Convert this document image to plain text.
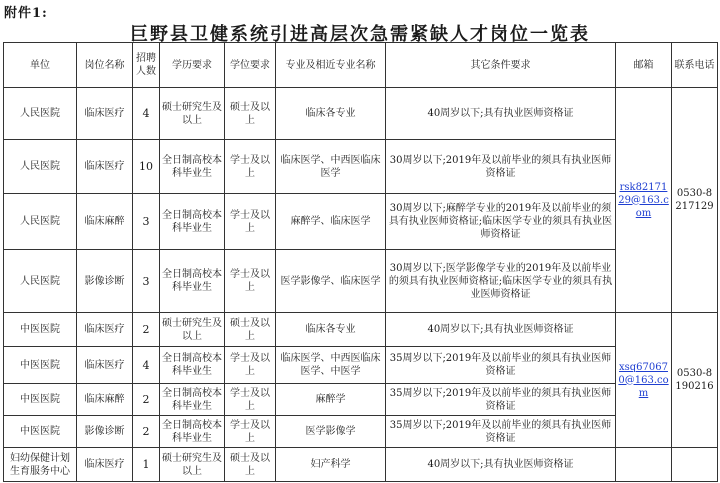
附件1:
巨野县卫健系统引进高层次急需紧缺人才岗位一览表
单位	岗位名称	招聘人数	学历要求	学位要求	专业及相近专业名称	其它条件要求	邮箱	联系电话
人民医院	临床医疗	4	硕士研究生及以上	硕士及以上	临床各专业	40周岁以下;具有执业医师资格证	rsk8217129@163.com	0530-8217129
人民医院	临床医疗	10	全日制高校本科毕业生	学士及以上	临床医学、中西医临床医学	30周岁以下;2019年及以前毕业的须具有执业医师资格证		
人民医院	临床麻醉	3	全日制高校本科毕业生	学士及以上	麻醉学、临床医学	30周岁以下;麻醉学专业的2019年及以前毕业的须具有执业医师资格证;临床医学专业的须具有执业医师资格证		
人民医院	影像诊断	3	全日制高校本科毕业生	学士及以上	医学影像学、临床医学	30周岁以下;医学影像学专业的2019年及以前毕业的须具有执业医师资格证;临床医学专业的须具有执业医师资格证		
中医医院	临床医疗	2	硕士研究生及以上	硕士及以上	临床各专业	40周岁以下;具有执业医师资格证	xsq670670@163.com	0530-8190216
中医医院	临床医疗	4	全日制高校本科毕业生	学士及以上	临床医学、中西医临床医学、中医学	35周岁以下;2019年及以前毕业的须具有执业医师资格证		
中医医院	临床麻醉	2	全日制高校本科毕业生	学士及以上	麻醉学	35周岁以下;2019年及以前毕业的须具有执业医师资格证		
中医医院	影像诊断	2	全日制高校本科毕业生	学士及以上	医学影像学	35周岁以下;2019年及以前毕业的须具有执业医师资格证		
妇幼保健计划生育服务中心	临床医疗	1	硕士研究生及以上	硕士及以上	妇产科学	40周岁以下;具有执业医师资格证		
